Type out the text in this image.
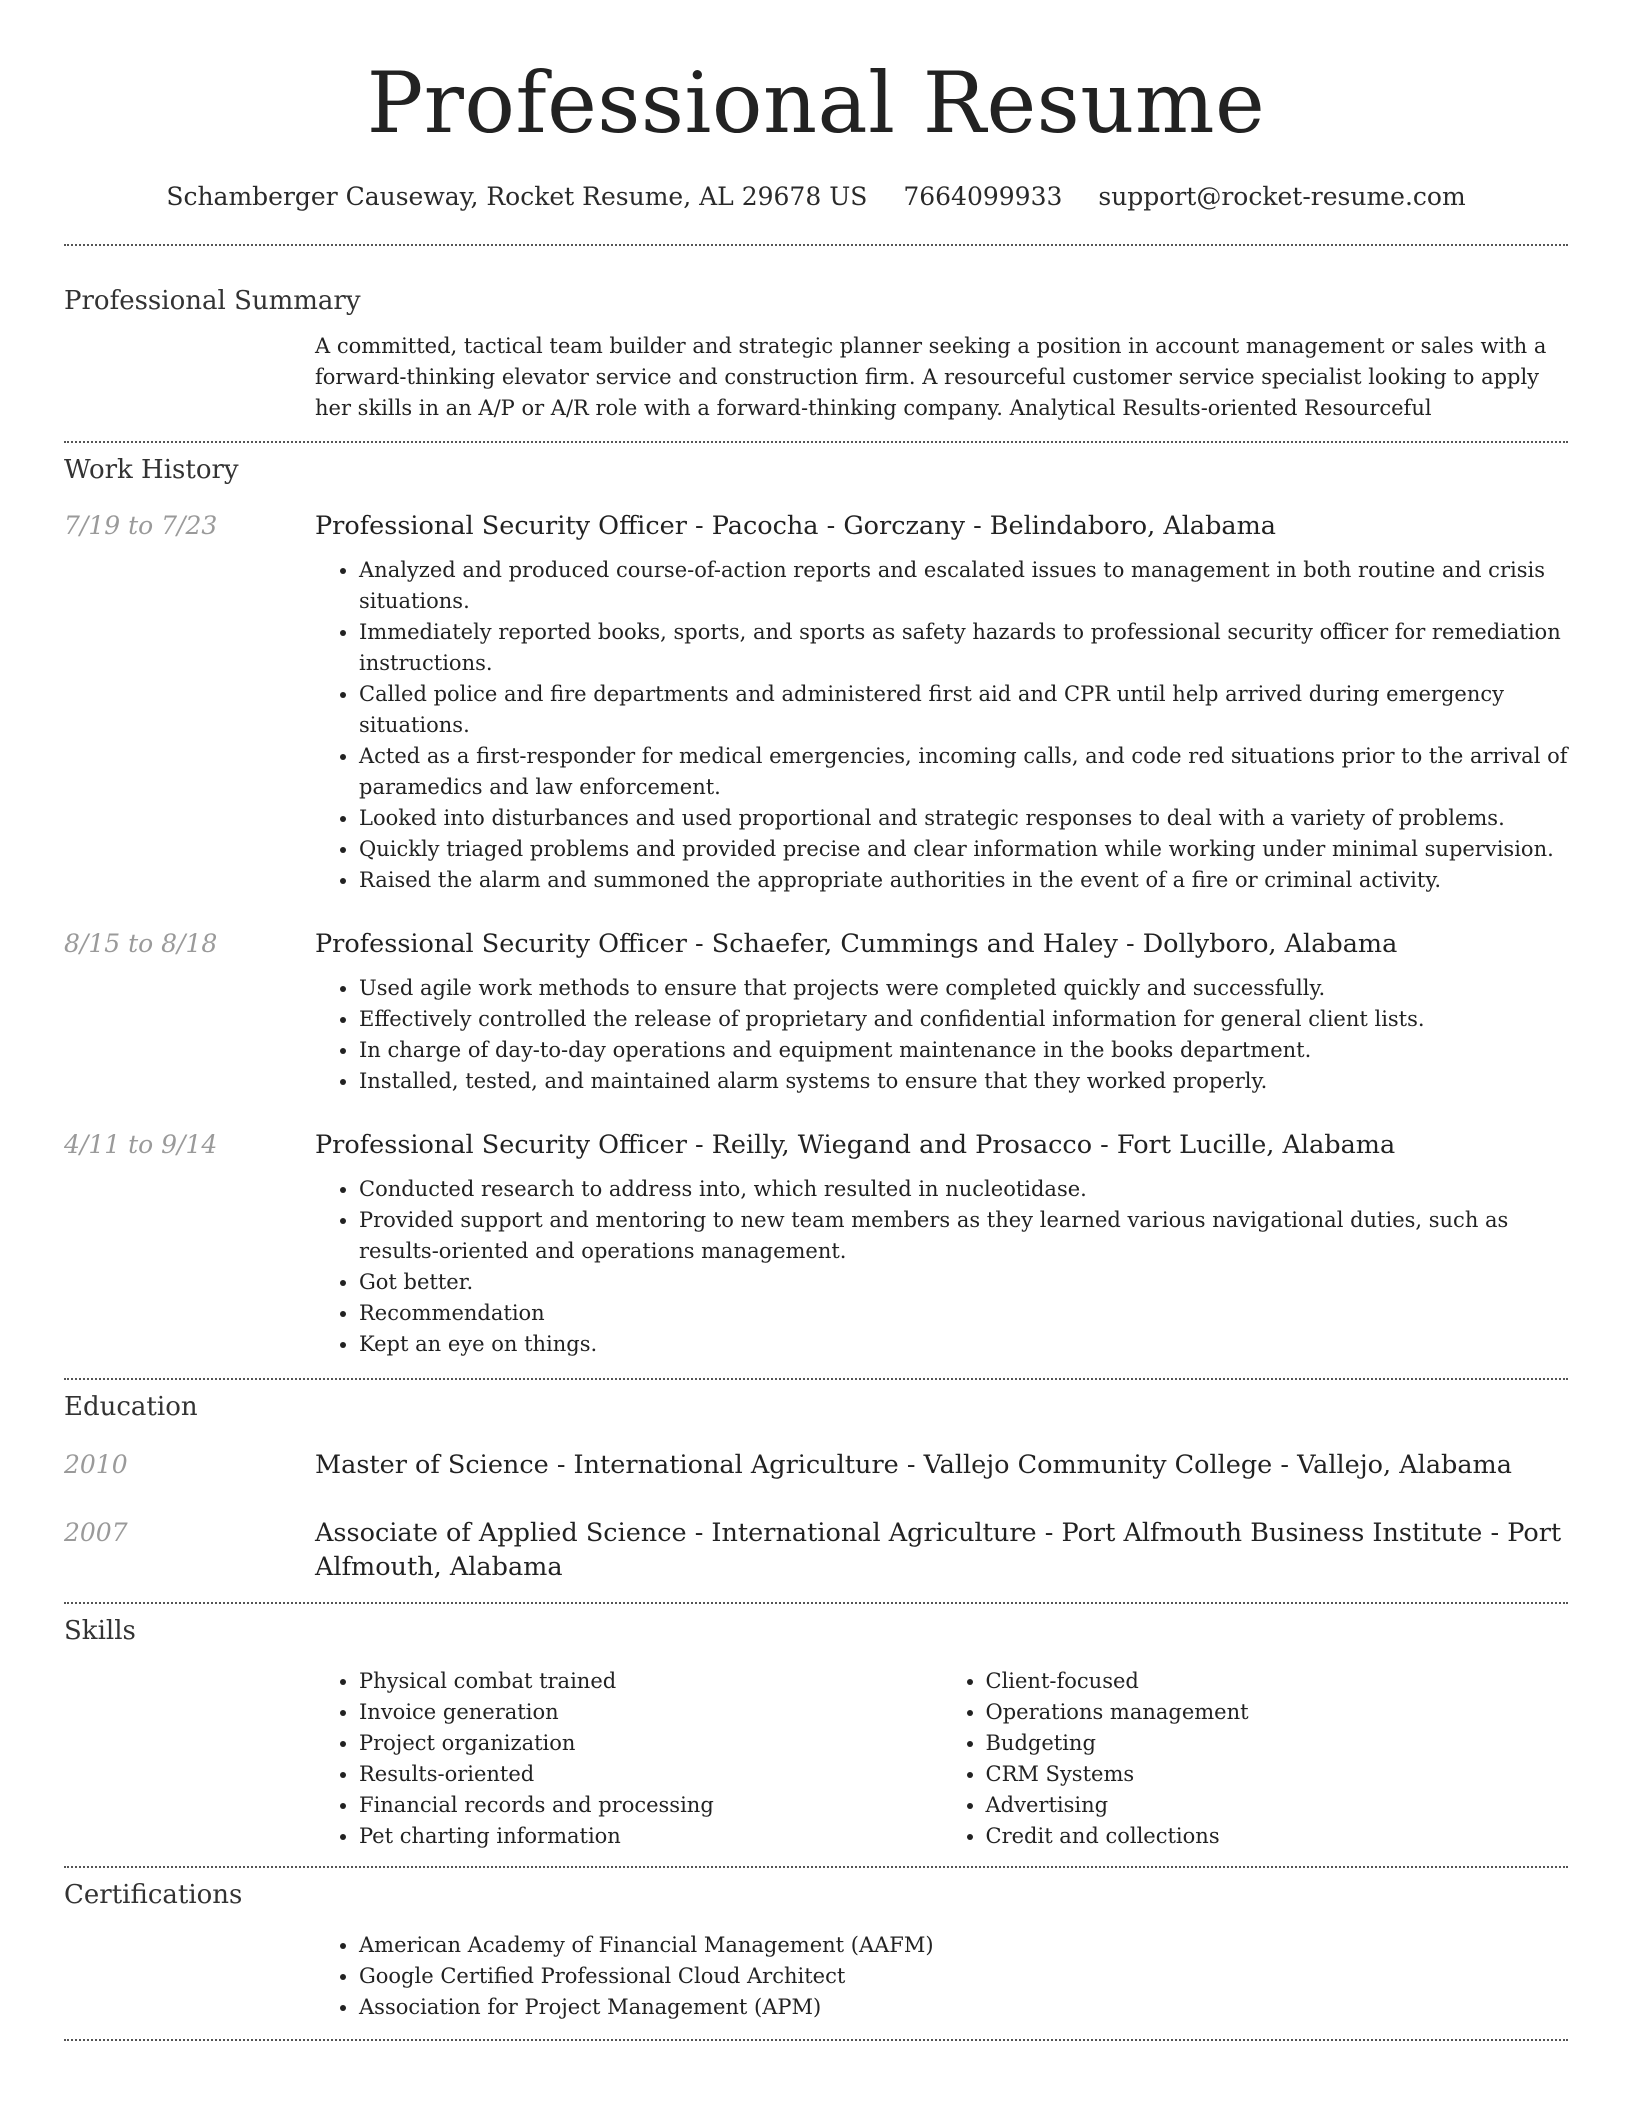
Professional Resume
Schamberger Causeway, Rocket Resume, AL 29678 US 7664099933 support@rocket-resume.com
Professional Summary
A committed, tactical team builder and strategic planner seeking a position in account management or sales with a forward-thinking elevator service and construction firm. A resourceful customer service specialist looking to apply her skills in an A/P or A/R role with a forward-thinking company. Analytical Results-oriented Resourceful
Work History
7/19 to 7/23	Professional Security Officer - Pacocha - Gorczany - Belindaboro, Alabama
• Analyzed and produced course-of-action reports and escalated issues to management in both routine and crisis situations.
• Immediately reported books, sports, and sports as safety hazards to professional security officer for remediation instructions.
• Called police and fire departments and administered first aid and CPR until help arrived during emergency situations.
• Acted as a first-responder for medical emergencies, incoming calls, and code red situations prior to the arrival of paramedics and law enforcement.
• Looked into disturbances and used proportional and strategic responses to deal with a variety of problems.
• Quickly triaged problems and provided precise and clear information while working under minimal supervision.
• Raised the alarm and summoned the appropriate authorities in the event of a fire or criminal activity.
8/15 to 8/18	Professional Security Officer - Schaefer, Cummings and Haley - Dollyboro, Alabama
• Used agile work methods to ensure that projects were completed quickly and successfully.
• Effectively controlled the release of proprietary and confidential information for general client lists.
• In charge of day-to-day operations and equipment maintenance in the books department.
• Installed, tested, and maintained alarm systems to ensure that they worked properly.
4/11 to 9/14	Professional Security Officer - Reilly, Wiegand and Prosacco - Fort Lucille, Alabama
• Conducted research to address into, which resulted in nucleotidase.
• Provided support and mentoring to new team members as they learned various navigational duties, such as results-oriented and operations management.
• Got better.
• Recommendation
• Kept an eye on things.
Education
2010	Master of Science - International Agriculture - Vallejo Community College - Vallejo, Alabama
2007	Associate of Applied Science - International Agriculture - Port Alfmouth Business Institute - Port Alfmouth, Alabama
Skills
• Physical combat trained
• Invoice generation
• Project organization
• Results-oriented
• Financial records and processing
• Pet charting information
• Client-focused
• Operations management
• Budgeting
• CRM Systems
• Advertising
• Credit and collections
Certifications
• American Academy of Financial Management (AAFM)
• Google Certified Professional Cloud Architect
• Association for Project Management (APM)
